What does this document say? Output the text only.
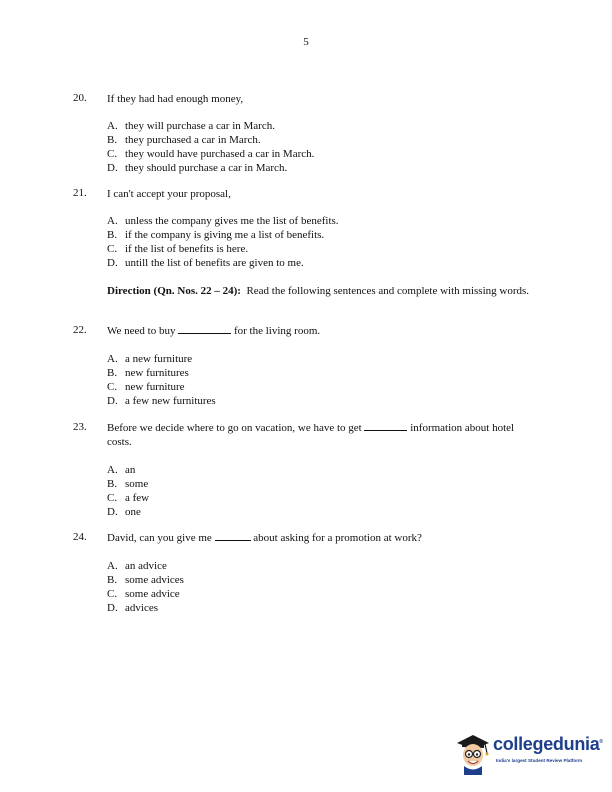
5
20.	If they had had enough money,
A. they will purchase a car in March.
B. they purchased a car in March.
C. they would have purchased a car in March.
D. they should purchase a car in March.
21.	I can't accept your proposal,
A. unless the company gives me the list of benefits.
B. if the company is giving me a list of benefits.
C. if the list of benefits is here.
D. untill the list of benefits are given to me.
Direction (Qn. Nos. 22 – 24): Read the following sentences and complete with missing words.
22.	We need to buy	for the living room.
A. a new furniture
B. new furnitures
C. new furniture
D. a few new furnitures
23.	Before we decide where to go on vacation, we have to get	information about hotel costs.
A. an
B. some
C. a few
D. one
24.	David, can you give me	about asking for a promotion at work?
A. an advice
B. some advices
C. some advice
D. advices
collegedunia®
India's largest Student Review Platform
